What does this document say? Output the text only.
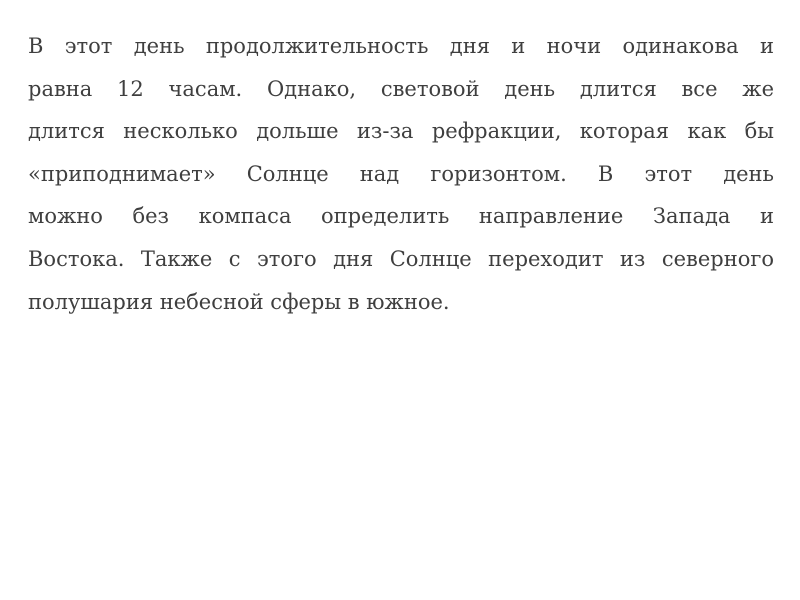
В этот день продолжительность дня и ночи одинакова и
равна 12 часам. Однако, световой день длится все же
длится несколько дольше из-за рефракции, которая как бы
«приподнимает» Солнце над горизонтом. В этот день
можно без компаса определить направление Запада и
Востока. Также с этого дня Солнце переходит из северного
полушария небесной сферы в южное.
